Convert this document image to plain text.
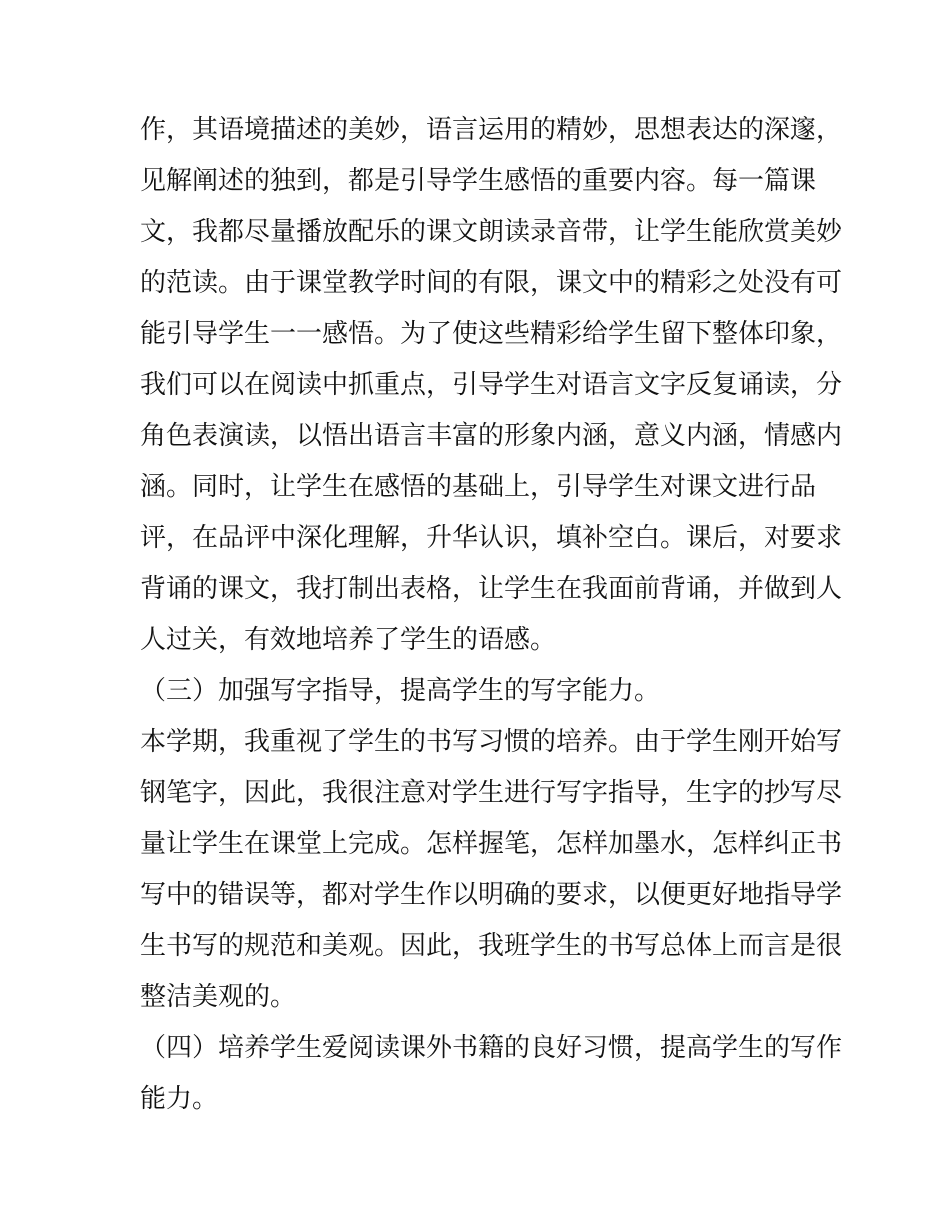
作，其语境描述的美妙，语言运用的精妙，思想表达的深邃，
见解阐述的独到，都是引导学生感悟的重要内容。每一篇课
文，我都尽量播放配乐的课文朗读录音带，让学生能欣赏美妙
的范读。由于课堂教学时间的有限，课文中的精彩之处没有可
能引导学生一一感悟。为了使这些精彩给学生留下整体印象，
我们可以在阅读中抓重点，引导学生对语言文字反复诵读，分
角色表演读，以悟出语言丰富的形象内涵，意义内涵，情感内
涵。同时，让学生在感悟的基础上，引导学生对课文进行品
评，在品评中深化理解，升华认识，填补空白。课后，对要求
背诵的课文，我打制出表格，让学生在我面前背诵，并做到人
人过关，有效地培养了学生的语感。
（三）加强写字指导，提高学生的写字能力。
本学期，我重视了学生的书写习惯的培养。由于学生刚开始写
钢笔字，因此，我很注意对学生进行写字指导，生字的抄写尽
量让学生在课堂上完成。怎样握笔，怎样加墨水，怎样纠正书
写中的错误等，都对学生作以明确的要求，以便更好地指导学
生书写的规范和美观。因此，我班学生的书写总体上而言是很
整洁美观的。
（四）培养学生爱阅读课外书籍的良好习惯，提高学生的写作
能力。
